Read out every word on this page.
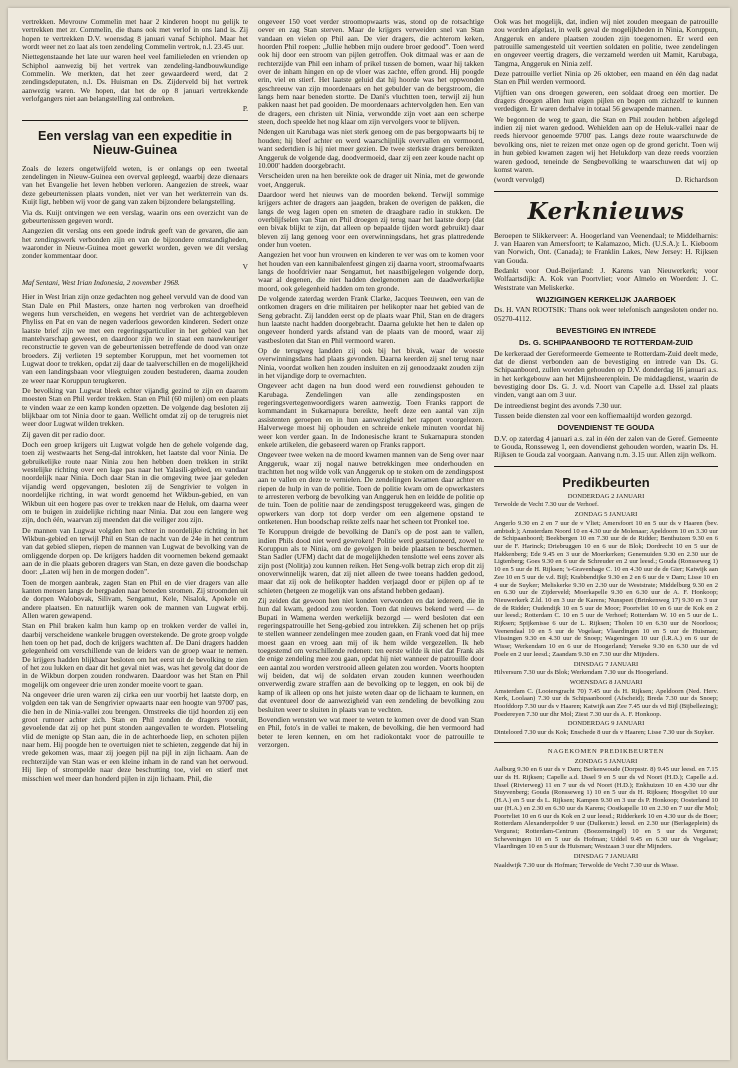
vertrekken. Mevrouw Commelin met haar 2 kinderen hoopt nu gelijk te vertrekken met zr. Commelin, die thans ook met verlof in ons land is. Zij hopen te vertrekken D.V. woensdag 8 januari vanaf Schiphol. Maar het wordt weer net zo laat als toen zendeling Commelin vertrok, n.l. 23.45 uur.

Niettegenstaande het late uur waren heel veel familieleden en vrienden op Schiphol aanwezig bij het vertrek van zendeling-landbouwkundige Commelin. We merkten, dat het zeer gewaardeerd werd, dat 2 zendingsdeputaten, n.l. Ds. Huisman en Ds. Zijderveld bij het vertrek aanwezig waren. We hopen, dat het de op 8 januari vertrekkende verlofgangers niet aan belangstelling zal ontbreken.

P.
Een verslag van een expeditie in Nieuw-Guinea

Zoals de lezers ongetwijfeld weten, is er onlangs op een tweetal zendelingen in Nieuw-Guinea een overval gepleegd, waarbij deze dienaars van het Evangelie het leven hebben verloren. Aangezien de streek, waar deze gebeurtenissen plaats vonden, niet ver van het werkterrein van ds. Kuijt ligt, hebben wij voor de gang van zaken bijzondere belangstelling.

Via ds. Kuijt ontvingen we een verslag, waarin ons een overzicht van de gebeurtenissen gegeven wordt.

Aangezien dit verslag ons een goede indruk geeft van de gevaren, die aan het zendingswerk verbonden zijn en van de bijzondere omstandigheden, waaronder in Nieuw-Guinea moet gewerkt worden, geven we dit verslag zonder kommentaar door.

V
Maf Sentani, West Irian Indonesia, 2 november 1968.

Hier in West Irian zijn onze gedachten nog geheel vervuld van de dood van Stan Dale en Phil Masters, onze harten nog verbroken van droefheid wegens hun verscheiden, en wegens het verdriet van de achtergebleven Phyliss en Pat en van de negen vaderloos geworden kinderen. Sedert onze laatste brief zijn we met een regeringsparticulier in het gebied van het mantelvarschap geweest, en daardoor zijn we in staat een nauwkeuriger reconstructie te geven van de gebeurtenissen betreffende de dood van onze broeders. Zij verlieten 19 september Koruppun, met het voornemen tot Lugwat door te trekken, opdat zij daar de taalverschillen en de mogelijkheid van een landingsbaan voor vliegtuigen zouden bestuderen, daarna zouden ze weer naar Koruppun terugkeren.

De bevolking van Lugwat bleek echter vijandig gezind te zijn en daarom moesten Stan en Phil verder trekken. Stan en Phil (60 mijlen) om een plaats te vinden waar ze een kamp konden opzetten. De volgende dag besloten zij blijkbaar om tot Ninia door te gaan. Wellicht omdat zij op de terugreis niet weer door Lugwat wilden trekken.

Zij gaven dit per radio door.

Doch een groep krijgers uit Lugwat volgde hen de gehele volgende dag, toen zij westwaarts het Seng-dal introkken, het laatste dal voor Ninia. De gebruikelijke route naar Ninia zou hen hebben doen trekken in strikt westelijke richting over een lage pas naar het Yalasili-gebied, en vandaar noordelijk naar Ninia. Doch daar Stan in die omgeving twee jaar geleden vijandig werd opgevangen, besloten zij de Sengrivier te volgen in noordelijke richting, in wat wordt genoemd het Wikbun-gebied, en van Wikbun uit een hogere pas over te trekken naar de Heluk, om daarna weer om te buigen in zuidelijke richting naar Ninia. Dat zou een langere weg zijn, doch één, waarvan zij meenden dat die veiliger zou zijn.

De mannen van Lugwat volgden hen echter in noordelijke richting in het Wikbun-gebied en terwijl Phil en Stan de nacht van de 24e in het centrum van dat gebied sliepen, riepen de mannen van Lugwat de bevolking van de omliggende dorpen op. De krijgers hadden dit voornemen bekend gemaakt aan de in die plaats geboren dragers van Stan, en deze gaven die boodschap door: „Laten wij hen in de morgen doden”.

Toen de morgen aanbrak, zagen Stan en Phil en de vier dragers van alle kanten mensen langs de bergpaden naar beneden stromen. Zij stroomden uit de dorpen Walobovak, Silivam, Sengamut, Kele, Nisalok, Apokele en andere plaatsen. En natuurlijk waren ook de mannen van Lugwat erbij. Allen waren gewapend.

Stan en Phil braken kalm hun kamp op en trokken verder de vallei in, daarbij verscheidene wankele bruggen overstekende. De grote groep volgde hen toen op het pad, doch de krijgers wachtten af. De Dani dragers hadden gelegenheid om verschillende van de leiders van de groep waar te nemen. De krijgers hadden blijkbaar besloten om het eerst uit de bevolking te zien of het zou lukken en daar dit het geval niet was, was het gevolg dat door de in de Wikbun dorpen zouden rondwaren. Daardoor was het Stan en Phil mogelijk om ongeveer drie uren zonder moeite voort te gaan.

Na ongeveer drie uren waren zij cirka een uur voorbij het laatste dorp, en volgden een tak van de Sengrivier opwaarts naar een hoogte van 9700' pas, die hen in de Ninia-vallei zou brengen. Omstreeks die tijd hoorden zij een groot rumoer achter zich. Stan en Phil zonden de dragers vooruit, gevoelende dat zij op het punt stonden aangevallen te worden. Plotseling vlid de menigte op Stan aan, die in de achterhoede liep, en schoten pijlen naar hem. Hij poogde hen te overtuigen niet te schieten, zeggende dat hij in vrede gekomen was, maar zij joegen pijl na pijl in zijn lichaam. Aan de rechterzijde van Stan was er een kleine inham in de rand van het oerwoud. Hij liep of strompelde naar deze beschutting toe, viel en stierf met misschien wel meer dan honderd pijlen in zijn lichaam. Phil, die

ongeveer 150 voet verder stroomopwaarts was, stond op de rotsachtige oever en zag Stan sterven. Maar de krijgers verweiden snel van Stan vandaan en vielen op Phil aan. De vier dragers, die achterom keken, hoorden Phil roepen: „Jullie hebben mijn oudere broer gedood”. Toen werd ook hij door een stroom van pijlen getroffen. Ook ditmaal was er aan de rechterzijde van Phil een inham of prikel tussen de bomen, waar hij takken over de inham hingen en op de vloer was zachte, effen grond. Hij poogde erin, viel en stierf. Het laatste geluid dat hij hoorde was het oppwonden geschreeuw van zijn moordenaars en het gebulder van de bergstroom, die langs hem naar beneden stortte. De Dani's vluchtten toen, terwijl zij hun pakken naast het pad gooiden. De moordenaars achtervolgden hen. Een van de dragers, een christen uit Ninia, verwondde zijn voet aan een scherpe steen, doch speelde het nog klaar om zijn vervolgers voor te blijven.

Ndengen uit Karubaga was niet sterk genoeg om de pas bergopwaarts bij te houden; hij bleef achter en werd waarschijnlijk overvallen en vermoord, want sedertdien is hij niet meer gezien. De twee sterkste dragers bereikten Anggeruk de volgende dag, doodvermoeid, daar zij een zeer koude nacht op 10.000' hadden doorgebracht.

Verscheiden uren na hen bereikte ook de drager uit Ninia, met de gewonde voet, Anggeruk.

Daardoor werd het nieuws van de moorden bekend. Terwijl sommige krijgers achter de dragers aan jaagden, braken de overigen de pakken, die langs de weg lagen open en smeten de draagbare radio in stukken. De overblijfselen van Stan en Phil droegen zij terug naar het laatste dorp (dat een bivak blijkt te zijn, dat alleen op bepaalde tijden wordt gebruikt) daar bleven zij lang genoeg voor een overwinningsdans, het gras plattredende onder hun voeten.

Aangezien het voor hun vrouwen en kinderen te ver was om te komen voor het houden van een kannibalenfeest gingen zij daarna voort, stroomafwaarts langs de hoofdrivier naar Sengamut, het naastbijgelegen volgende dorp, waar al degenen, die niet hadden deelgenomen aan de daadwerkelijke moord, ook gelegenheid hadden om ten gronde.

De volgende zaterdag werden Frank Clarke, Jacques Teeuwen, een van de ontkomen dragers en drie militairen per helikopter naar het gebied van de Seng gebracht. Zij landden eerst op de plaats waar Phil, Stan en de dragers hun laatste nacht hadden doorgebracht. Daarna gelukte het hen te dalen op ongeveer honderd yards afstand van de plaats van de moord, waar zij vastbesloten dat Stan en Phil vermoord waren.

Op de terugweg landden zij ook bij het bivak, waar de woeste overwinningsdans had plaats gevonden. Daarna keerden zij snel terug naar Ninia, voordat wolken hen zouden insluiten en zij genoodzaakt zouden zijn in het vijandige dorp te overnachten.

Ongeveer acht dagen na hun dood werd een rouwdienst gehouden te Karubaga. Zendelingen van alle zendingsposten en regeringsvertegenwoordigers waren aanwezig. Toen Franks rapport de kommandant in Sukarnapura bereikte, heeft deze een aantal van zijn assistenten geroepen en in hun aanwezigheid het rapport voorgelezen. Halverwege moest hij ophouden en schreide enkele minuten voordat hij weer kon verder gaan. In de Indonesische krant te Sukarnapura stonden enkele artikelen, die gebaseerd waren op Franks rapport.

Ongeveer twee weken na de moord kwamen mannen van de Seng over naar Anggeruk, waar zij nogal nauwe betrekkingen mee onderhouden en trachtten het nog wilde volk van Anggeruk op te stoken om de zendingspost aan te vallen en deze te vernielen. De zendelingen kwamen daar achter en riepen de hulp in van de politie. Toen de politie kwam om de opwerkasters te arresteren verborg de bevolking van Anggeruk hen en leidde de politie op de tuin. Toen de politie naar de zendingspost teruggekeerd was, gingen de opwerkers van dorp tot dorp verder om een algemene opstand te ontketenen. Hun boodschap reikte zelfs naar het scheen tot Pronkel toe.

Te Koruppun dreigde de bevolking de Dani's op de post aan te vallen, indien Phils dood niet werd gewroken! Politie werd gestationeerd, zowel te Koruppun als te Ninia, om de gevolgen in beide plaatsen te beschermen. Stan Sadler (UFM) dacht dat de mogelijkheden tenslotte wel eens zover als zijn post (Nolitja) zou kunnen reiken. Het Seng-volk betrap zich erop dit zij onoverwinnelijk waren, dat zij niet alleen de twee toeans hadden gedood, maar dat zij ook de helikopter hadden verjaagd door er pijlen op af te schieten (hetgeen ze mogelijk van ons afstand hebben gedaan).

Zij zeiden dat gewoon hen niet konden verwonden en dat iedereen, die in hun dal kwam, gedood zou worden. Toen dat nieuws bekend werd — de Bupati in Wamena werden werkelijk bezorgd — werd besloten dat een regeringspatrouille het Seng-gebied zou intrekken. Zij schenen het op prijs te stellen wanneer zendelingen mee zouden gaan, en Frank voed dat hij mee moest gaan en vroeg aan mij of ik hem wilde vergezellen. Ik heb toegestemd om verschillende redenen: ten eerste wilde ik niet dat Frank als de enige zendeling mee zou gaan, opdat hij niet wanneer de patrouille door een aantal zou worden verstrooid alleen gelaten zou worden. Voorts hoopten wij beiden, dat wij de soldaten ervan zouden kunnen weerhouden onverwerdig zware straffen aan de bevolking op te leggen, en ook bij de kamp of ik alleen op ons het juiste weten daar op de lichaam te kunnen, en dat eventueel door de aanwezigheid van een zendeling de bevolking zou besluiten weer te sluiten in plaats van te vechten.

Bovendien wensten we wat meer te weten te komen over de dood van Stan en Phil, foto's in de vallei te maken, de bevolking, die hen vermoord had beter te leren kennen, en om het radiokontakt voor de patrouille te verzorgen.

Ook was het mogelijk, dat, indien wij niet zouden meegaan de patrouille zou worden afgelast, in welk geval de mogelijkheden in Ninia, Koruppun, Anggeruk en andere plaatsen zouden zijn toegenomen. Er werd een patrouille samengesteld uit veertien soldaten en politie, twee zendelingen en ongeveer veertig dragers, die verzameld werden uit Mamit, Karubaga, Tangma, Anggeruk en Ninia zelf.

Deze patrouille verliet Ninia op 26 oktober, een maand en één dag nadat Stan en Phil werden vermoord.

Vijftien van ons droegen geweren, een soldaat droeg een mortier. De dragers droegen allen hun eigen pijlen en bogen om zichzelf te kunnen verdedigen. Er waren derhalve in totaal 56 gewapende mannen.

We begonnen de weg te gaan, die Stan en Phil zouden hebben afgelegd indien zij niet waren gedood. Wehielden aan op de Heluk-vallei naar de reeds hiervoor genoemde 9700' pas. Langs deze route waarschuwde de bevolking ons, niet te reizen met onze ogen op de grond gericht. Toen wij in hun gebied kwamen zagen wij het Helukdorp van deze reeds voorzien waren gedood, teneinde de Sengbevolking te waarschuwen dat wij op komst waren.

(wordt vervolgd)	D. Richardson
Kerknieuws

Beroepen te Slikkerveer: A. Hoogerland van Veenendaal; te Middelharnis: J. van Haaren van Amersfoort; te Kalamazoo, Mich. (U.S.A.): L. Kieboom van Norwich, Ont. (Canada); te Franklin Lakes, New Jersey: H. Rijksen van Gouda.

Bedankt voor Oud-Beijerland: J. Karens van Nieuwerkerk; voor Wolfaartsdijk: A. Kok van Poortvliet; voor Almelo en Woerden: J. C. Weststrate van Meliskerke.

WIJZIGINGEN KERKELIJK JAARBOEK

Ds. H. VAN ROOTSIK: Thans ook weer telefonisch aangesloten onder no. 05270-4112.

BEVESTIGING EN INTREDE
Ds. G. SCHIPAANBOORD TE ROTTERDAM-ZUID

De kerkeraad der Gereformeerde Gemeente te Rotterdam-Zuid deelt mede, dat de dienst verbonden aan de bevestiging en intrede van Ds. G. Schipaanboord, zullen worden gehouden op D.V. donderdag 16 januari a.s. in het kerkgebouw aan het Mijnsheerenplein. De middagdienst, waarin de bevestiging door Ds. G. J. v.d. Noort van Capelle a.d. IJssel zal plaats vinden, vangt aan om 3 uur.

De intreedienst begint des avonds 7.30 uur.

Tussen beide diensten zal voor een koffiemaaltijd worden gezorgd.

DOVENDIENST TE GOUDA

D.V. op zaterdag 4 januari a.s. zal in één der zalen van de Geref. Gemeente te Gouda, Ronsseweg 1, een dovendienst gehouden worden, waarin Ds. H. Rijksen te Gouda zal voorgaan. Aanvang n.m. 3.15 uur. Allen zijn welkom.

Predikbeurten
DONDERDAG 2 JANUARI

Terwolde de Vecht 7.30 uur de Verhoef.

ZONDAG 5 JANUARI

Angerlo 9.30 en 2 en 7 uur de v Vliet; Amersfoort 10 en 5 uur ds v Haaren (bev. ambtsdr.); Amsterdam Noord 10 en 4.30 uur de Molenaar; Apeldoorn 10 en 3.30 uur de Schipaanboord; Beekbergen 10 en 7.30 uur de de Ridder; Benthuizen 9.30 en 6 uur de F. Harinck; Driebruggen 10 en 6 uur de Blok; Dordrecht 10 en 5 uur de Hakkenberg; Ede 9.45 en 3 uur de Moerkerken; Genemuiden 9.30 en 2.30 uur de Ligtenberg; Goes 9.30 en 6 uur de Schreuder en 2 uur leesd.; Gouda (Ronsseweg 1) 10 en 5 uur de H. Rijksen; 's-Gravenhage C. 10 en 4.30 uur de de Gier; Katwijk aan Zee 10 en 5 uur de v.d. Bijl; Krabbendijke 9.30 en 2 en 6 uur de v Dam; Lisse 10 en 4 uur de Suyker; Meliskerke 9.30 en 2.30 uur de Weststrate; Middelburg 9.30 en 2 en 6.30 uur de Zijderveld; Moerkapelle 9.30 en 6.30 uur de A. F. Honkoop; Nieuwerkerk Z.ld. 10 en 3 uur de Karens; Nunspeet (Brinkenweg 17) 9.30 en 3 uur de de Ridder; Oudendijk 10 en 5 uur de Moor; Poortvliet 10 en 6 uur de Kok en 2 uur leesd.; Rotterdam C. 10 en 5 uur de Verhoef; Rotterdam W. 10 en 5 uur de L. Rijksen; Spijkenisse 6 uur de L. Rijksen; Tholen 10 en 6.30 uur de Noorloos; Veenendaal 10 en 5 uur de Vogelaar; Vlaardingen 10 en 5 uur de Huisman; Vlissingen 9.30 en 4.30 uur de Snoep; Wageningen 10 uur (l.R.A.) en 6 uur de Wisse; Werkendam 10 en 6 uur de Hoogerland; Yerseke 9.30 en 6.30 uur de vd Poele en 2 uur leesd.; Zaandam 9.30 en 7.30 uur dhr Mijnders.

DINSDAG 7 JANUARI

Hilversum 7.30 uur ds Blok; Werkendam 7.30 uur ds Hoogerland.

WOENSDAG 8 JANUARI

Amsterdam C. (Looiersgracht 70) 7.45 uur ds H. Rijksen; Apeldoorn (Ned. Herv. Kerk, Loolaan) 7.30 uur ds Schipaanboord (Afscheid); Breda 7.30 uur ds Snoep; Hoofddorp 7.30 uur ds v Haaren; Katwijk aan Zee 7.45 uur ds vd Bijl (Bijbellezing); Poedereyen 7.30 uur dhr Mol; Ziest 7.30 uur ds A. F. Honkoop.

DONDERDAG 9 JANUARI

Dinteloord 7.30 uur ds Kok; Enschede 8 uur ds v Haaren; Lisse 7.30 uur ds Suyker.

NAGEKOMEN PREDIKBEURTEN
ZONDAG 5 JANUARI

Aalburg 9.30 en 6 uur ds v Dam; Berkenwoude (Dorpsstr. 8) 9.45 uur leesd. en 7.15 uur ds H. Rijksen; Capelle a.d. IJssel 9 en 5 uur ds vd Noort (H.D.); Capelle a.d. IJssel (Rivierweg) 11 en 7 uur ds vd Noort (H.D.); Enkhuizen 10 en 4.30 uur dhr Stuyvenberg; Gouda (Ronsseweg 1) 10 en 5 uur ds H. Rijksen; Hoogvliet 10 uur (H.A.) en 5 uur ds L. Rijksen; Kampen 9.30 en 3 uur ds P. Honkoop; Oosterland 10 uur (H.A.) en 2.30 en 6.30 uur ds Karens; Oostkapelle 10 en 2.30 en 7 uur dhr Mol; Poortvliet 10 en 6 uur ds Kok en 2 uur leesd.; Ridderkerk 10 en 4.30 uur ds de Boer; Rotterdam Alexanderpolder 9 uur (Dulkerstr.) leesd. en 2.30 uur (Berlageplein) ds Vergunst; Rotterdam-Centrum (Boezemsingel) 10 en 5 uur ds Vergunst; Scheveningen 10 en 5 uur ds Hofman; Uddel 9.45 en 6.30 uur ds Vogelaar; Vlaardingen 10 en 5 uur ds Huisman; Westzaan 3 uur dhr Mijnders.

DINSDAG 7 JANUARI

Naaldwijk 7.30 uur ds Hofman; Terwolde de Vecht 7.30 uur ds Wisse.
